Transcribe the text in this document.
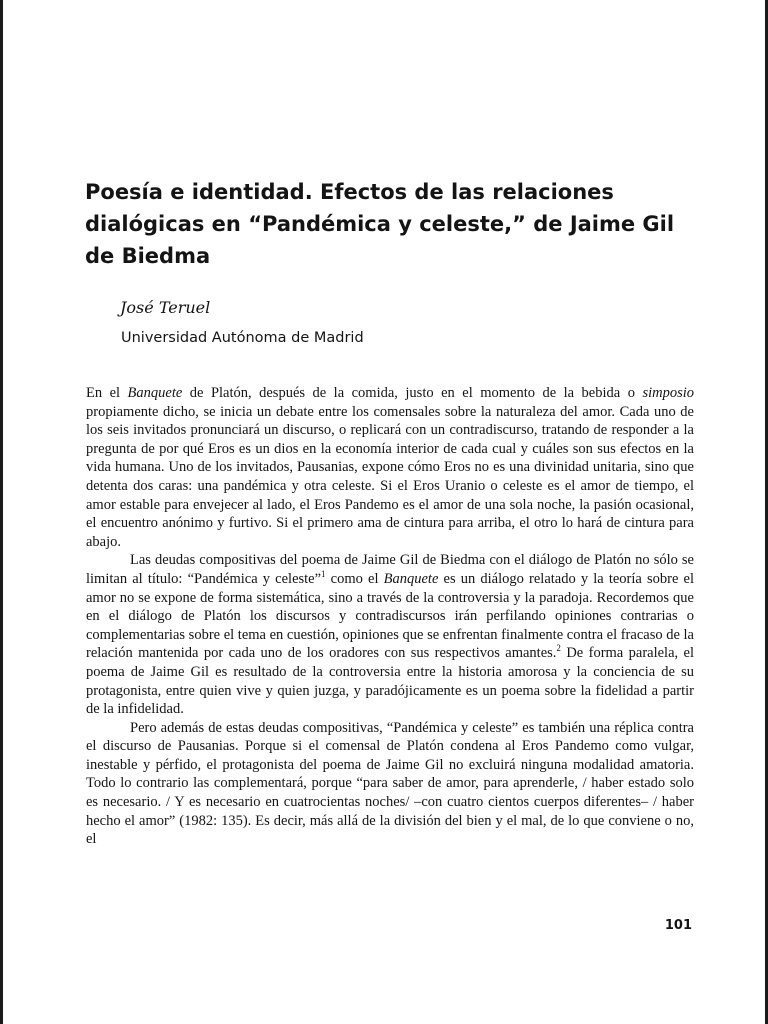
Poesía e identidad. Efectos de las relaciones dialógicas en “Pandémica y celeste,” de Jaime Gil de Biedma
José Teruel
Universidad Autónoma de Madrid

En el Banquete de Platón, después de la comida, justo en el momento de la bebida o simposio propiamente dicho, se inicia un debate entre los comensales sobre la naturaleza del amor. Cada uno de los seis invitados pronunciará un discurso, o replicará con un contradiscurso, tratando de responder a la pregunta de por qué Eros es un dios en la economía interior de cada cual y cuáles son sus efectos en la vida humana. Uno de los invitados, Pausanias, expone cómo Eros no es una divinidad unitaria, sino que detenta dos caras: una pandémica y otra celeste. Si el Eros Uranio o celeste es el amor de tiempo, el amor estable para envejecer al lado, el Eros Pandemo es el amor de una sola noche, la pasión ocasional, el encuentro anónimo y furtivo. Si el primero ama de cintura para arriba, el otro lo hará de cintura para abajo.

Las deudas compositivas del poema de Jaime Gil de Biedma con el diálogo de Platón no sólo se limitan al título: “Pandémica y celeste”$^1$ como el Banquete es un diálogo relatado y la teoría sobre el amor no se expone de forma sistemática, sino a través de la controversia y la paradoja. Recordemos que en el diálogo de Platón los discursos y contradiscursos irán perfilando opiniones contrarias o complementarias sobre el tema en cuestión, opiniones que se enfrentan finalmente contra el fracaso de la relación mantenida por cada uno de los oradores con sus respectivos amantes.$^2$ De forma paralela, el poema de Jaime Gil es resultado de la controversia entre la historia amorosa y la conciencia de su protagonista, entre quien vive y quien juzga, y paradójicamente es un poema sobre la fidelidad a partir de la infidelidad.

Pero además de estas deudas compositivas, “Pandémica y celeste” es también una réplica contra el discurso de Pausanias. Porque si el comensal de Platón condena al Eros Pandemo como vulgar, inestable y pérfido, el protagonista del poema de Jaime Gil no excluirá ninguna modalidad amatoria. Todo lo contrario las complementará, porque “para saber de amor, para aprenderle, / haber estado solo es necesario. / Y es necesario en cuatrocientas noches/ –con cuatro cientos cuerpos diferentes– / haber hecho el amor” (1982: 135). Es decir, más allá de la división del bien y el mal, de lo que conviene o no, el

101
